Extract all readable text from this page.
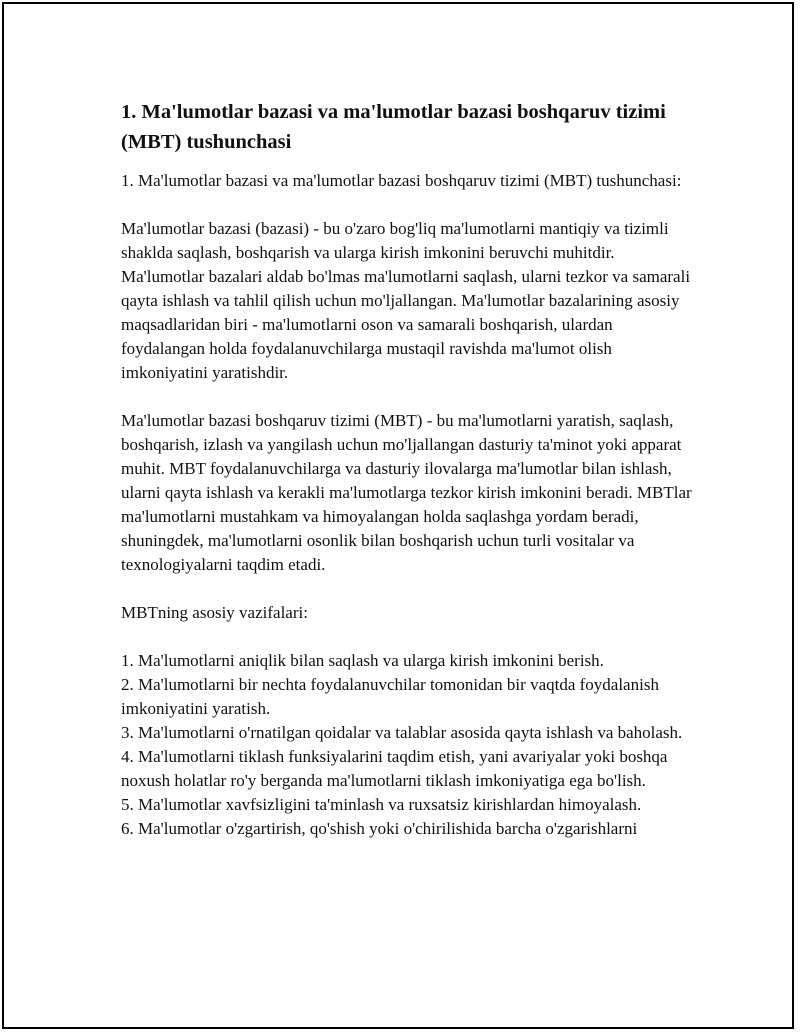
1. Ma'lumotlar bazasi va ma'lumotlar bazasi boshqaruv tizimi (MBT) tushunchasi

1. Ma'lumotlar bazasi va ma'lumotlar bazasi boshqaruv tizimi (MBT) tushunchasi:

Ma'lumotlar bazasi (bazasi) - bu o'zaro bog'liq ma'lumotlarni mantiqiy va tizimli shaklda saqlash, boshqarish va ularga kirish imkonini beruvchi muhitdir. Ma'lumotlar bazalari aldab bo'lmas ma'lumotlarni saqlash, ularni tezkor va samarali qayta ishlash va tahlil qilish uchun mo'ljallangan. Ma'lumotlar bazalarining asosiy maqsadlaridan biri - ma'lumotlarni oson va samarali boshqarish, ulardan foydalangan holda foydalanuvchilarga mustaqil ravishda ma'lumot olish imkoniyatini yaratishdir.

Ma'lumotlar bazasi boshqaruv tizimi (MBT) - bu ma'lumotlarni yaratish, saqlash, boshqarish, izlash va yangilash uchun mo'ljallangan dasturiy ta'minot yoki apparat muhit. MBT foydalanuvchilarga va dasturiy ilovalarga ma'lumotlar bilan ishlash, ularni qayta ishlash va kerakli ma'lumotlarga tezkor kirish imkonini beradi. MBTlar ma'lumotlarni mustahkam va himoyalangan holda saqlashga yordam beradi, shuningdek, ma'lumotlarni osonlik bilan boshqarish uchun turli vositalar va texnologiyalarni taqdim etadi.

MBTning asosiy vazifalari:

1. Ma'lumotlarni aniqlik bilan saqlash va ularga kirish imkonini berish.
2. Ma'lumotlarni bir nechta foydalanuvchilar tomonidan bir vaqtda foydalanish imkoniyatini yaratish.
3. Ma'lumotlarni o'rnatilgan qoidalar va talablar asosida qayta ishlash va baholash.
4. Ma'lumotlarni tiklash funksiyalarini taqdim etish, yani avariyalar yoki boshqa noxush holatlar ro'y berganda ma'lumotlarni tiklash imkoniyatiga ega bo'lish.
5. Ma'lumotlar xavfsizligini ta'minlash va ruxsatsiz kirishlardan himoyalash.
6. Ma'lumotlar o'zgartirish, qo'shish yoki o'chirilishida barcha o'zgarishlarni
